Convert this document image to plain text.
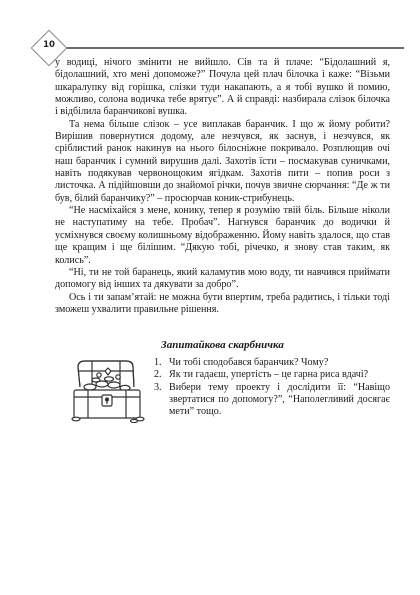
10

у водиці, нічого змінити не вийшло. Сів та й плаче: “Бідолашний я, бідолашний, хто мені допоможе?” Почула цей плач білочка і каже: “Візьми шкаралупку від горішка, слізки туди накапають, а я тобі вушко й помию, можливо, солона водичка тебе врятує”. А й справді: назбирала слізок білочка і відбілила баранчикові вушка.

Та нема більше слізок – усе виплакав баранчик. І що ж йому робити? Вирішив повернутися додому, але незчувся, як заснув, і незчувся, як сріблистий ранок накинув на нього білосніжне покривало. Розплющив очі наш баранчик і сумний вирушив далі. Захотів їсти – посмакував суничками, навіть подякував червонощоким ягідкам. Захотів пити – попив роси з листочка. А підійшовши до знайомої річки, почув звичне сюрчання: “Де ж ти був, білий баранчику?” – просюрчав коник-стрибунець.

“Не насміхайся з мене, конику, тепер я розумію твій біль. Більше ніколи не наступатиму на тебе. Пробач”. Нагнувся баранчик до водички й усміхнувся своєму колишньому відображенню. Йому навіть здалося, що став ще кращим і ще білішим. “Дякую тобі, річечко, я знову став таким, як колись”.

“Ні, ти не той баранець, який каламутив мою воду, ти навчився приймати допомогу від інших та дякувати за добро”.

Ось і ти запам’ятай: не можна бути впертим, треба радитись, і тільки тоді зможеш ухвалити правильне рішення.

Запитайкова скарбничка
1. Чи тобі сподобався баранчик? Чому?
2. Як ти гадаєш, упертість – це гарна риса вдачі?
3. Вибери тему проекту і дослідити її: “Навіщо звертатися по допомогу?”, “Наполегливий досягає мети” тощо.
